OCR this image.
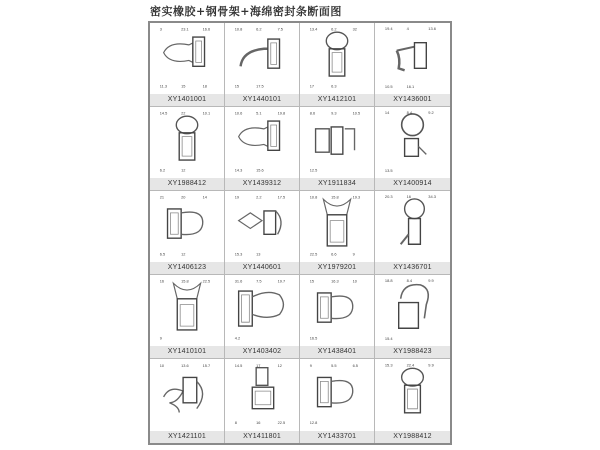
密实橡胶+钢骨架+海绵密封条断面图
3	23.1	16.6
11.3	15	18
XY1401001
10.8	6.2	7.5
15	17.5
XY1440101
13.4	6.2	32
17	6.3
XY1412101
19.4	4	13.6
10.5	16.1
XY1436001
14.5	22	10.1
6.2	12
XY1988412
10.6	5.1	19.8
14.3	15.6
XY1439312
8.6	9.3	10.5
12.5
XY1911834
14	8.4	9.2
13.5
XY1400914
21	20	14
6.5	12
XY1406123
19	2.2	17.5
15.3	13
XY1440601
10.8	15.8	19.3
22.5	6.6	9
XY1979201
20.3	16	34.3
XY1436701
16	15.8	22.5
9
XY1410101
31.6	7.5	19.7
4.2
XY1403402
15	16.3	10
16.5
XY1438401
18.8	8.4	9.9
15.4
XY1988423
10	13.6	15.7
XY1421101
14.5	17	12
8	16	22.5
XY1411801
9	5.5	6.5
12.8
XY1433701
15.3	22.4	9.9
XY1988412
